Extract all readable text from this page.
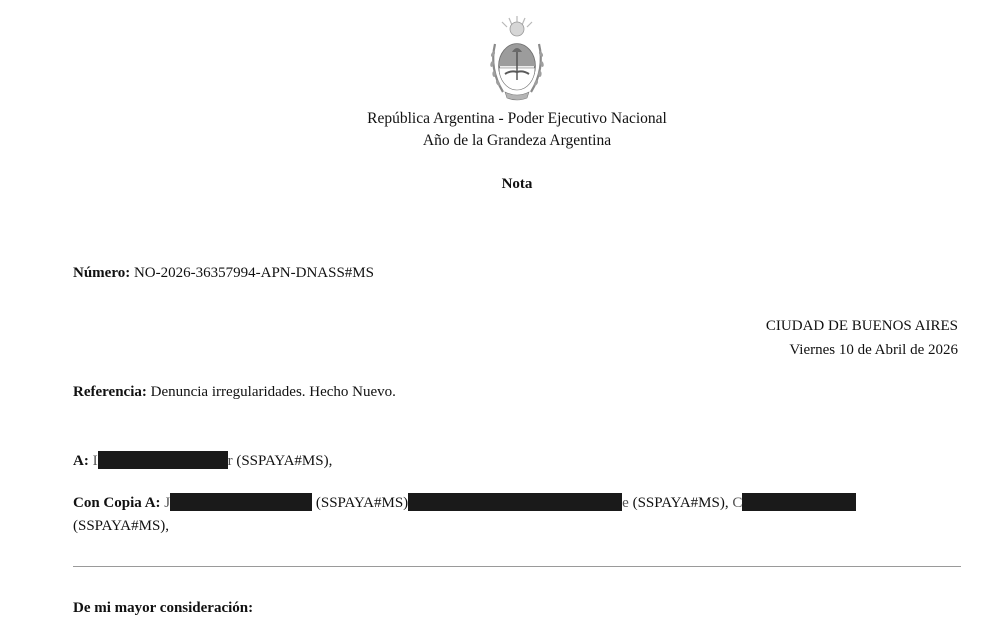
República Argentina - Poder Ejecutivo Nacional
Año de la Grandeza Argentina
Nota
Número: NO-2026-36357994-APN-DNASS#MS
CIUDAD DE BUENOS AIRES
Viernes 10 de Abril de 2026
Referencia: Denuncia irregularidades. Hecho Nuevo.
A: I	r (SSPAYA#MS),
Con Copia A: J	(SSPAYA#MS)	e (SSPAYA#MS), C
(SSPAYA#MS),
De mi mayor consideración:
